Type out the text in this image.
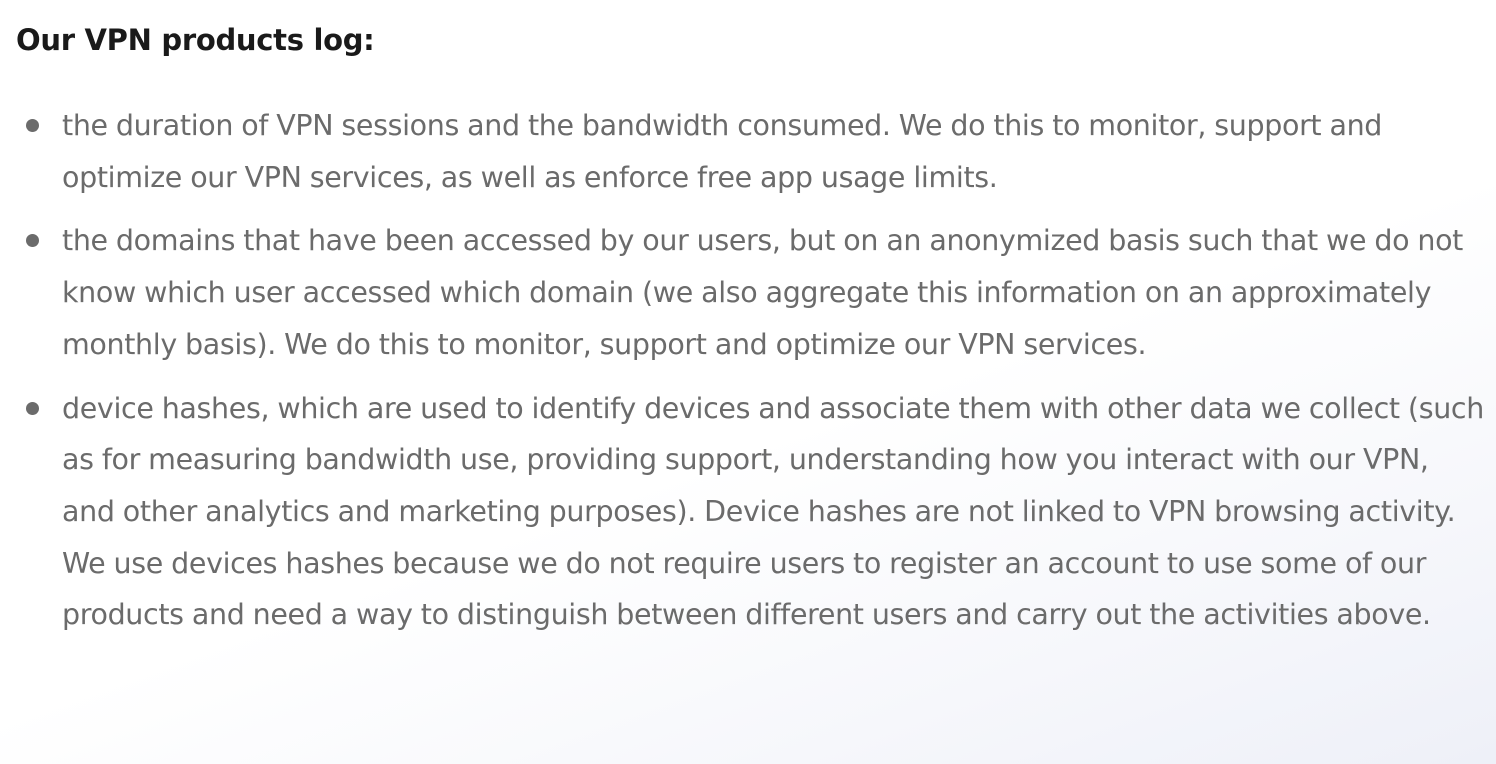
Our VPN products log:
the duration of VPN sessions and the bandwidth consumed. We do this to monitor, support and optimize our VPN services, as well as enforce free app usage limits.
the domains that have been accessed by our users, but on an anonymized basis such that we do not know which user accessed which domain (we also aggregate this information on an approximately monthly basis). We do this to monitor, support and optimize our VPN services.
device hashes, which are used to identify devices and associate them with other data we collect (such as for measuring bandwidth use, providing support, understanding how you interact with our VPN, and other analytics and marketing purposes). Device hashes are not linked to VPN browsing activity. We use devices hashes because we do not require users to register an account to use some of our products and need a way to distinguish between different users and carry out the activities above.
